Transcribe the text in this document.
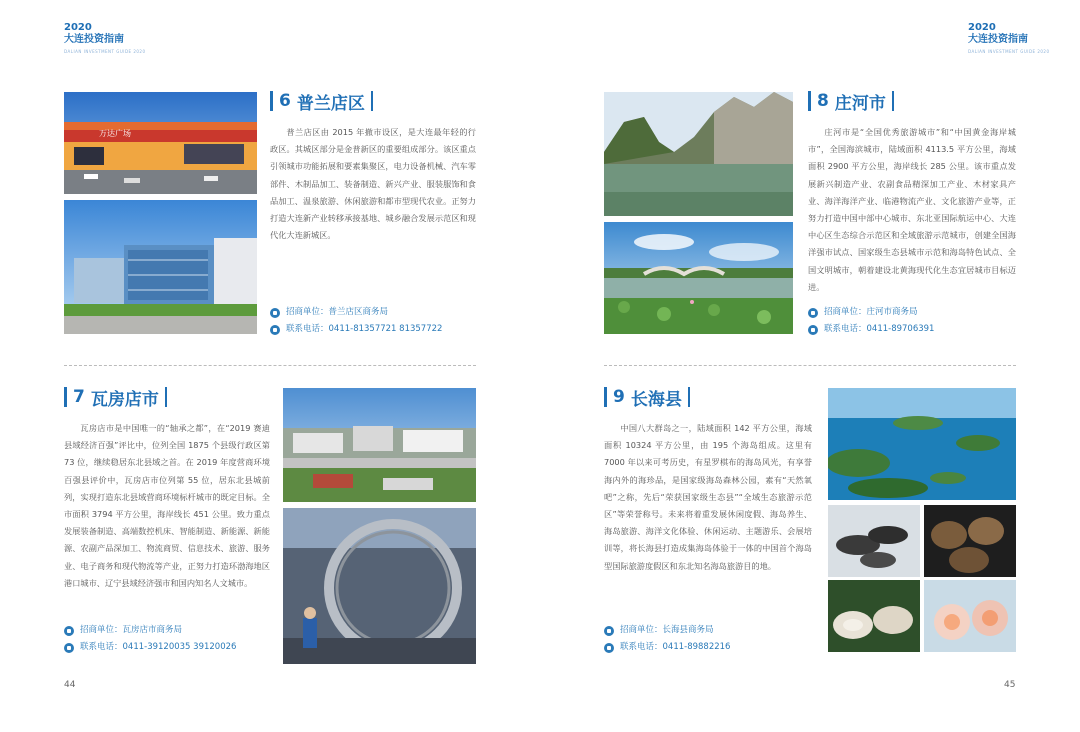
2020
大连投资指南
DALIAN INVESTMENT GUIDE 2020
2020
大连投资指南
DALIAN INVESTMENT GUIDE 2020
万达广场
6 普兰店区

普兰店区由 2015 年撤市设区，是大连最年轻的行政区。其城区部分是金普新区的重要组成部分。该区重点引领城市功能拓展和要素集聚区，电力设备机械、汽车零部件、木制品加工、装备制造、新兴产业、服装服饰和食品加工、温泉旅游、休闲旅游和都市型现代农业。正努力打造大连新产业转移承接基地、城乡融合发展示范区和现代化大连新城区。

招商单位：普兰店区商务局
联系电话：0411-81357721 81357722
8 庄河市

庄河市是“全国优秀旅游城市”和“中国黄金海岸城市”，全国海滨城市，陆域面积 4113.5 平方公里，海域面积 2900 平方公里，海岸线长 285 公里。该市重点发展新兴制造产业、农副食品精深加工产业、木材家具产业、海洋海洋产业、临港物流产业、文化旅游产业等，正努力打造中国中部中心城市、东北亚国际航运中心、大连中心区生态综合示范区和全域旅游示范城市，创建全国海洋强市试点、国家级生态县城市示范和海岛特色试点、全国文明城市，朝着建设北黄海现代化生态宜居城市目标迈进。

招商单位：庄河市商务局
联系电话：0411-89706391
7 瓦房店市

瓦房店市是中国唯一的“轴承之都”，在“2019 赛迪县域经济百强”评比中，位列全国 1875 个县级行政区第 73 位，继续稳居东北县域之首。在 2019 年度营商环境百强县评价中，瓦房店市位列第 55 位，居东北县城前列，实现打造东北县域营商环境标杆城市的既定目标。全市面积 3794 平方公里，海岸线长 451 公里。致力重点发展装备制造、高端数控机床、智能制造、新能源、新能源、农副产品深加工、物流商贸、信息技术、旅游、服务业、电子商务和现代物流等产业，正努力打造环渤海地区港口城市、辽宁县域经济强市和国内知名人文城市。

招商单位：瓦房店市商务局
联系电话：0411-39120035 39120026
9 长海县

中国八大群岛之一，陆域面积 142 平方公里，海域面积 10324 平方公里，由 195 个海岛组成。这里有 7000 年以来可考历史，有星罗棋布的海岛风光，有享誉海内外的海珍品，是国家级海岛森林公园，素有“天然氧吧”之称，先后“荣获国家级生态县”“全域生态旅游示范区”等荣誉称号。未来将着重发展休闲度假、海岛养生、海岛旅游、海洋文化体验、休闲运动、主题游乐、会展培训等，将长海县打造成集海岛体验于一体的中国首个海岛型国际旅游度假区和东北知名海岛旅游目的地。

招商单位：长海县商务局
联系电话：0411-89882216
44	45
